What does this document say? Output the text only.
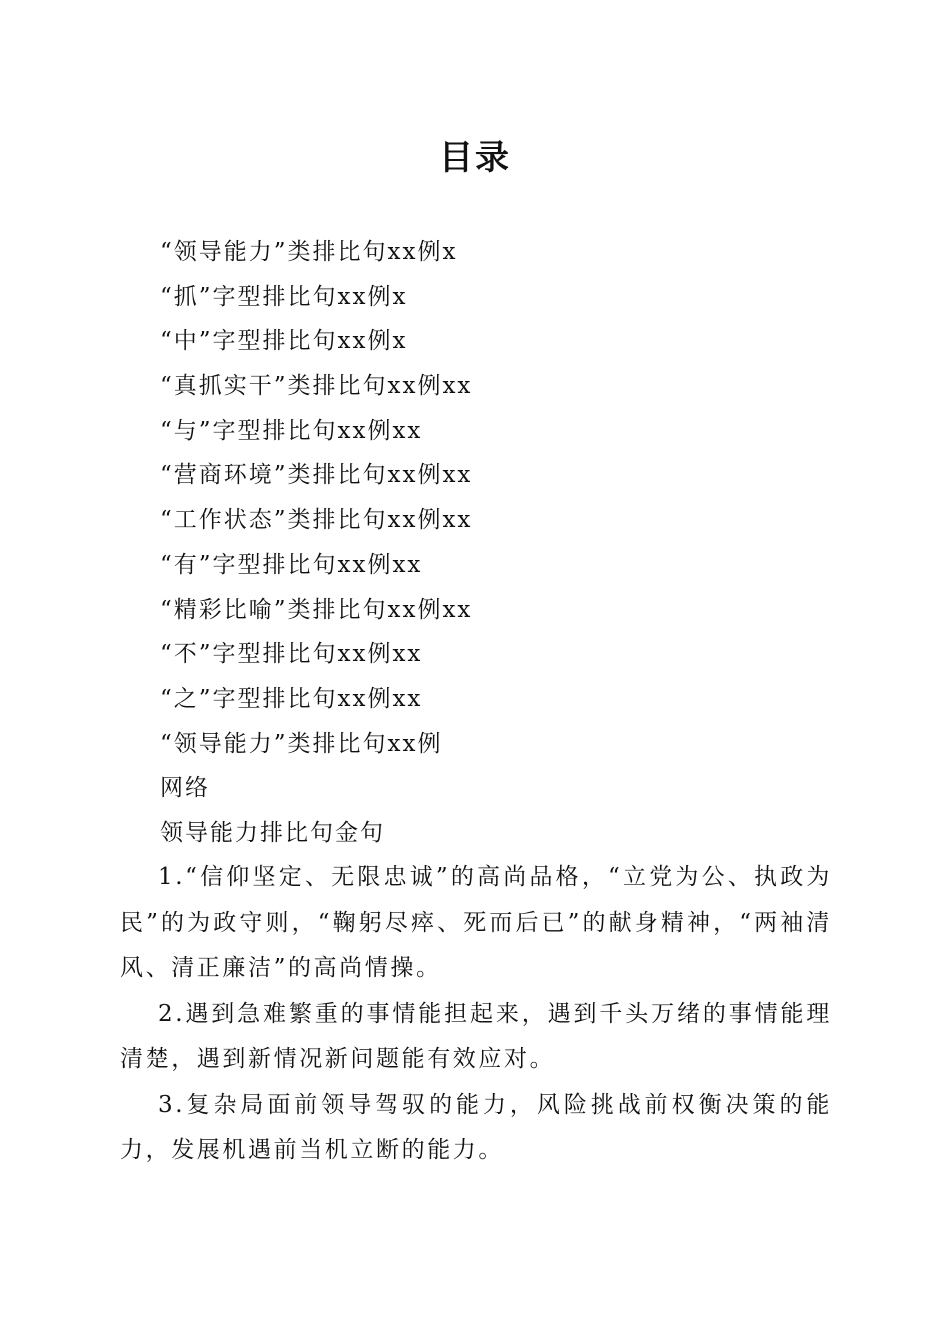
目录
“领导能力”类排比句xx例x
“抓”字型排比句xx例x
“中”字型排比句xx例x
“真抓实干”类排比句xx例xx
“与”字型排比句xx例xx
“营商环境”类排比句xx例xx
“工作状态”类排比句xx例xx
“有”字型排比句xx例xx
“精彩比喻”类排比句xx例xx
“不”字型排比句xx例xx
“之”字型排比句xx例xx
“领导能力”类排比句xx例
网络
领导能力排比句金句

1.“信仰坚定、无限忠诚”的高尚品格，“立党为公、执政为民”的为政守则，“鞠躬尽瘁、死而后已”的献身精神，“两袖清风、清正廉洁”的高尚情操。

2.遇到急难繁重的事情能担起来，遇到千头万绪的事情能理清楚，遇到新情况新问题能有效应对。

3.复杂局面前领导驾驭的能力，风险挑战前权衡决策的能力，发展机遇前当机立断的能力。
